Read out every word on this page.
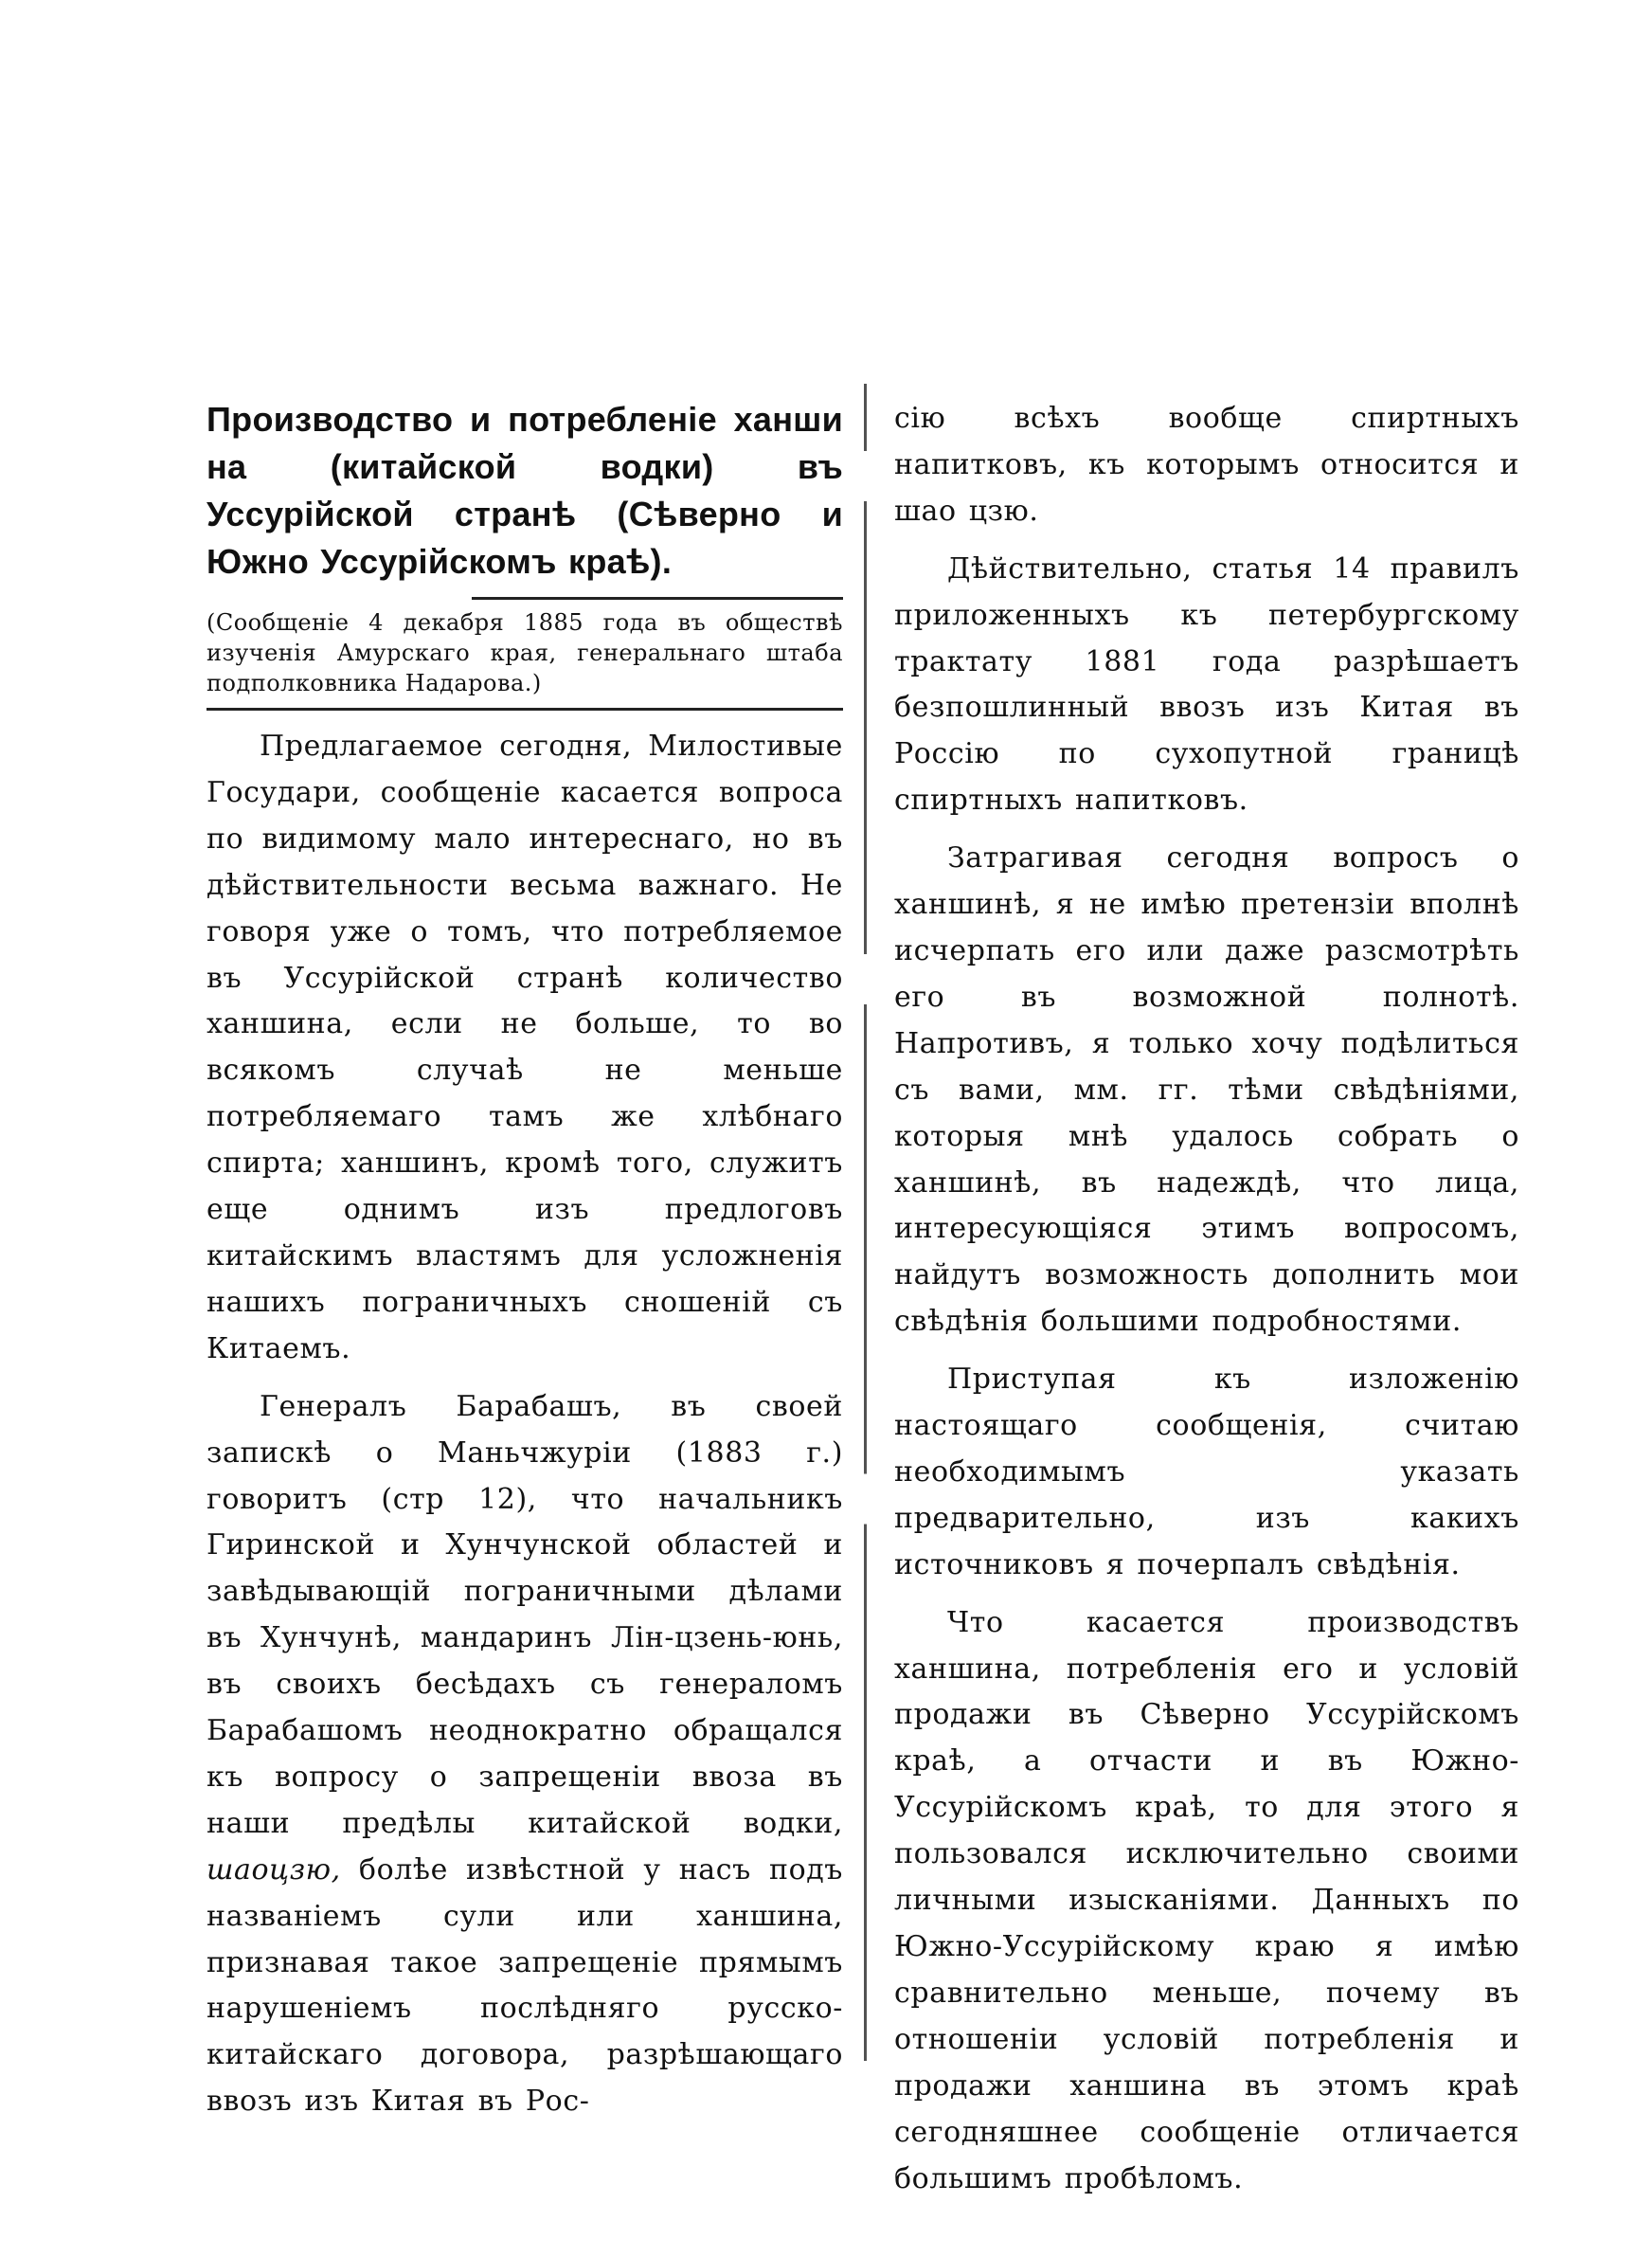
Производство и потребленіе ханши на (китайской водки) въ Уссурійской странѣ (Сѣверно и Южно Уссурійскомъ краѣ).

(Сообщеніе 4 декабря 1885 года въ обществѣ изученія Амурскаго края, генеральнаго штаба подполковника Надарова.)

Предлагаемое сегодня, Милостивые Государи, сообщеніе касается вопроса по видимому мало интереснаго, но въ дѣйствительности весьма важнаго. Не говоря уже о томъ, что потребляемое въ Уссурійской странѣ количество ханшина, если не больше, то во всякомъ случаѣ не меньше потребляемаго тамъ же хлѣбнаго спирта; ханшинъ, кромѣ того, служитъ еще однимъ изъ предлоговъ китайскимъ властямъ для усложненія нашихъ пограничныхъ сношеній съ Китаемъ.

Генералъ Барабашъ, въ своей запискѣ о Маньчжуріи (1883 г.) говоритъ (стр 12), что начальникъ Гиринской и Хунчунской областей и завѣдывающій пограничными дѣлами въ Хунчунѣ, мандаринъ Лін-цзень-юнь, въ своихъ бесѣдахъ съ генераломъ Барабашомъ неоднократно обращался къ вопросу о запрещеніи ввоза въ наши предѣлы китайской водки, шаоцзю, болѣе извѣстной у насъ подъ названіемъ сули или ханшина, признавая такое запрещеніе прямымъ нарушеніемъ послѣдняго русско-китайскаго договора, разрѣшающаго ввозъ изъ Китая въ Рос-

сію всѣхъ вообще спиртныхъ напитковъ, къ которымъ относится и шао цзю.

Дѣйствительно, статья 14 правилъ приложенныхъ къ петербургскому трактату 1881 года разрѣшаетъ безпошлинный ввозъ изъ Китая въ Россію по сухопутной границѣ спиртныхъ напитковъ.

Затрагивая сегодня вопросъ о ханшинѣ, я не имѣю претензіи вполнѣ исчерпать его или даже разсмотрѣть его въ возможной полнотѣ. Напротивъ, я только хочу подѣлиться съ вами, мм. гг. тѣми свѣдѣніями, которыя мнѣ удалось собрать о ханшинѣ, въ надеждѣ, что лица, интересующіяся этимъ вопросомъ, найдутъ возможность дополнить мои свѣдѣнія большими подробностями.

Приступая къ изложенію настоящаго сообщенія, считаю необходимымъ указать предварительно, изъ какихъ источниковъ я почерпалъ свѣдѣнія.

Что касается производствъ ханшина, потребленія его и условій продажи въ Сѣверно Уссурійскомъ краѣ, а отчасти и въ Южно-Уссурійскомъ краѣ, то для этого я пользовался исключительно своими личными изысканіями. Данныхъ по Южно-Уссурійскому краю я имѣю сравнительно меньше, почему въ отношеніи условій потребленія и продажи ханшина въ этомъ краѣ сегодняшнее сообщеніе отличается большимъ пробѣломъ.
